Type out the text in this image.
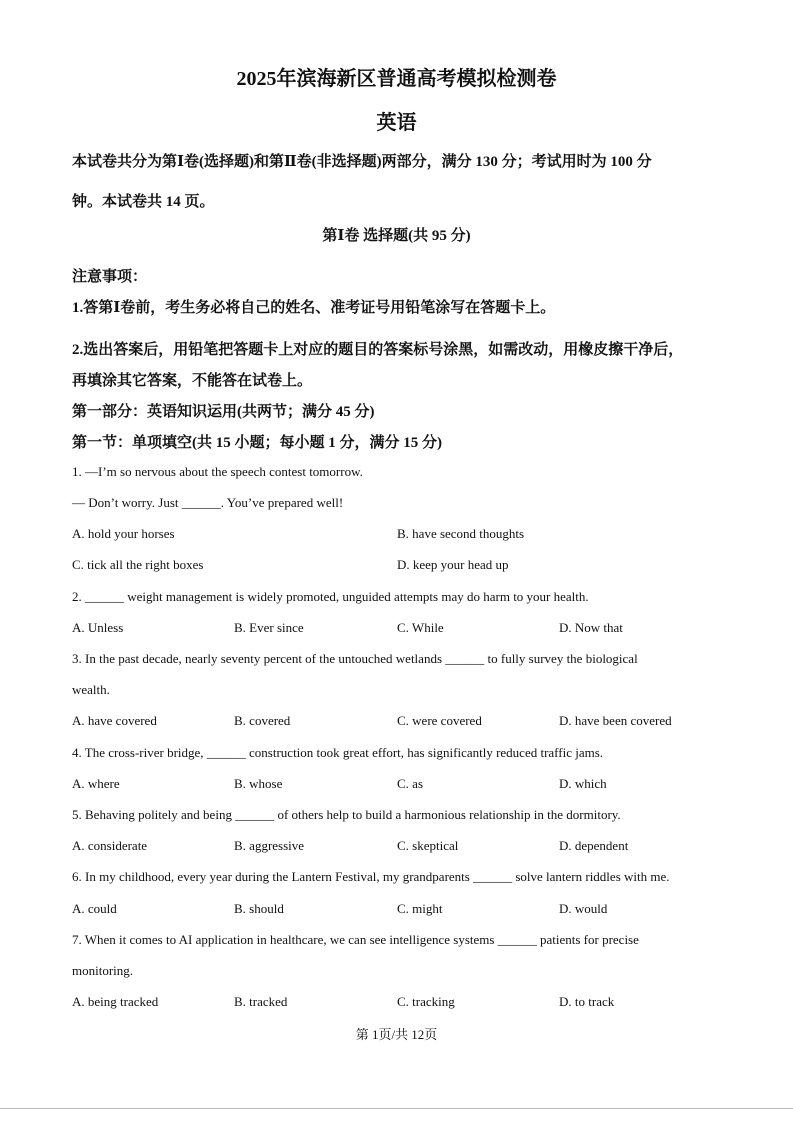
2025年滨海新区普通高考模拟检测卷
英语
本试卷共分为第Ⅰ卷(选择题)和第Ⅱ卷(非选择题)两部分，满分 130 分；考试用时为 100 分
钟。本试卷共 14 页。
第Ⅰ卷 选择题(共 95 分)
注意事项：
1.答第Ⅰ卷前，考生务必将自己的姓名、准考证号用铅笔涂写在答题卡上。
2.选出答案后，用铅笔把答题卡上对应的题目的答案标号涂黑，如需改动，用橡皮擦干净后，
再填涂其它答案，不能答在试卷上。
第一部分：英语知识运用(共两节；满分 45 分)
第一节：单项填空(共 15 小题；每小题 1 分，满分 15 分)
1. —I’m so nervous about the speech contest tomorrow.
— Don’t worry. Just ______. You’ve prepared well!
A. hold your horses	B. have second thoughts
C. tick all the right boxes	D. keep your head up
2. ______ weight management is widely promoted, unguided attempts may do harm to your health.
A. Unless	B. Ever since	C. While	D. Now that
3. In the past decade, nearly seventy percent of the untouched wetlands ______ to fully survey the biological
wealth.
A. have covered	B. covered	C. were covered	D. have been covered
4. The cross-river bridge, ______ construction took great effort, has significantly reduced traffic jams.
A. where	B. whose	C. as	D. which
5. Behaving politely and being ______ of others help to build a harmonious relationship in the dormitory.
A. considerate	B. aggressive	C. skeptical	D. dependent
6. In my childhood, every year during the Lantern Festival, my grandparents ______ solve lantern riddles with me.
A. could	B. should	C. might	D. would
7. When it comes to AI application in healthcare, we can see intelligence systems ______ patients for precise
monitoring.
A. being tracked	B. tracked	C. tracking	D. to track
第 1页/共 12页
